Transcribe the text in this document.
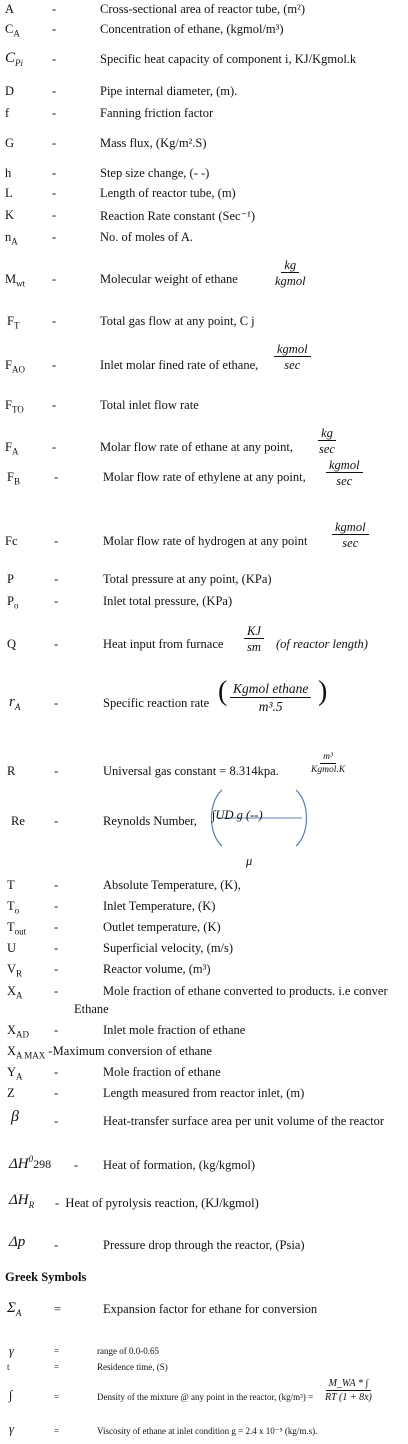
A	-	Cross-sectional area of reactor tube, (m²)
$C_A$	-	Concentration of ethane, (kgmol/m³)
$C_{Pi}$ -	Specific heat capacity of component i, KJ/Kgmol.k
D	-	Pipe internal diameter, (m).
f	-	Fanning friction factor
G	-	Mass flux, (Kg/m².S)
h	-	Step size change, (- -)
L	-	Length of reactor tube, (m)
K	-	Reaction Rate constant (Sec⁻¹)
$n_A$	-	No. of moles of A.
$M_{wt}$ -	Molecular weight of ethane	$\frac{kg}{\text{kgmol}}$
$F_T$	-	Total gas flow at any point, C j
$F_{AO}$ -	Inlet molar fined rate of ethane, $\frac{\text{kgmol}}{\sec}$
$F_{TO}$ -	Total inlet flow rate
$F_A$	-	Molar flow rate of ethane at any point, $\frac{kg}{\sec}$
$F_B$	-	Molar flow rate of ethylene at any point, $\frac{\text{kgmol}}{\sec}$
Fc	-	Molar flow rate of hydrogen at any point $\frac{\text{kgmol}}{\sec}$
P	-	Total pressure at any point, (KPa)
$P_o$	-	Inlet total pressure, (KPa)
Q	-	Heat input from furnace $\frac{KJ}{sm} (of$ reactor length)
$r_A$	-	Specific reaction rate ( $\frac{\text{Kgmol ethane}}{\text{m³.5}}$ )
R	-	Universal gas constant = 8.314kpa.	$\frac{\text{m³}}{\text{Kgmol.K}}$
Re -	Reynolds Number, ∫UD g (--)
μ
T	-	Absolute Temperature, (K),
$T_o$	-	Inlet Temperature, (K)
$T_{out}$ -	Outlet temperature, (K)
U	-	Superficial velocity, (m/s)
$V_R$	-	Reactor volume, (m³)
$X_A$	-	Mole fraction of ethane converted to products. i.e conver
Ethane
$X_{AD}$ -	Inlet mole fraction of ethane
$X_{A MAX}$ -Maximum conversion of ethane
$Y_A$	-	Mole fraction of ethane
Z	-	Length measured from reactor inlet, (m)
β	-	Heat-transfer surface area per unit volume of the reactor
$\Delta H^0298$ - Heat of formation, (kg/kgmol)
$\Delta H_R$ - Heat of pyrolysis reaction, (KJ/kgmol)
Δp -	Pressure drop through the reactor, (Psia)
Greek Symbols
$\Sigma_A$	=	Expansion factor for ethane for conversion
γ	=	range of 0.0-0.65
t	=	Residence time, (S)
∫	=	Density of the mixture @ any point in the reactor, $(kg/m^3) = \frac{M\_WA * \int}{RT (1 + 8x)}$
γ	=	Viscosity of ethane at inlet condition g = 2.4 x 10⁻⁵ (kg/m.s).
